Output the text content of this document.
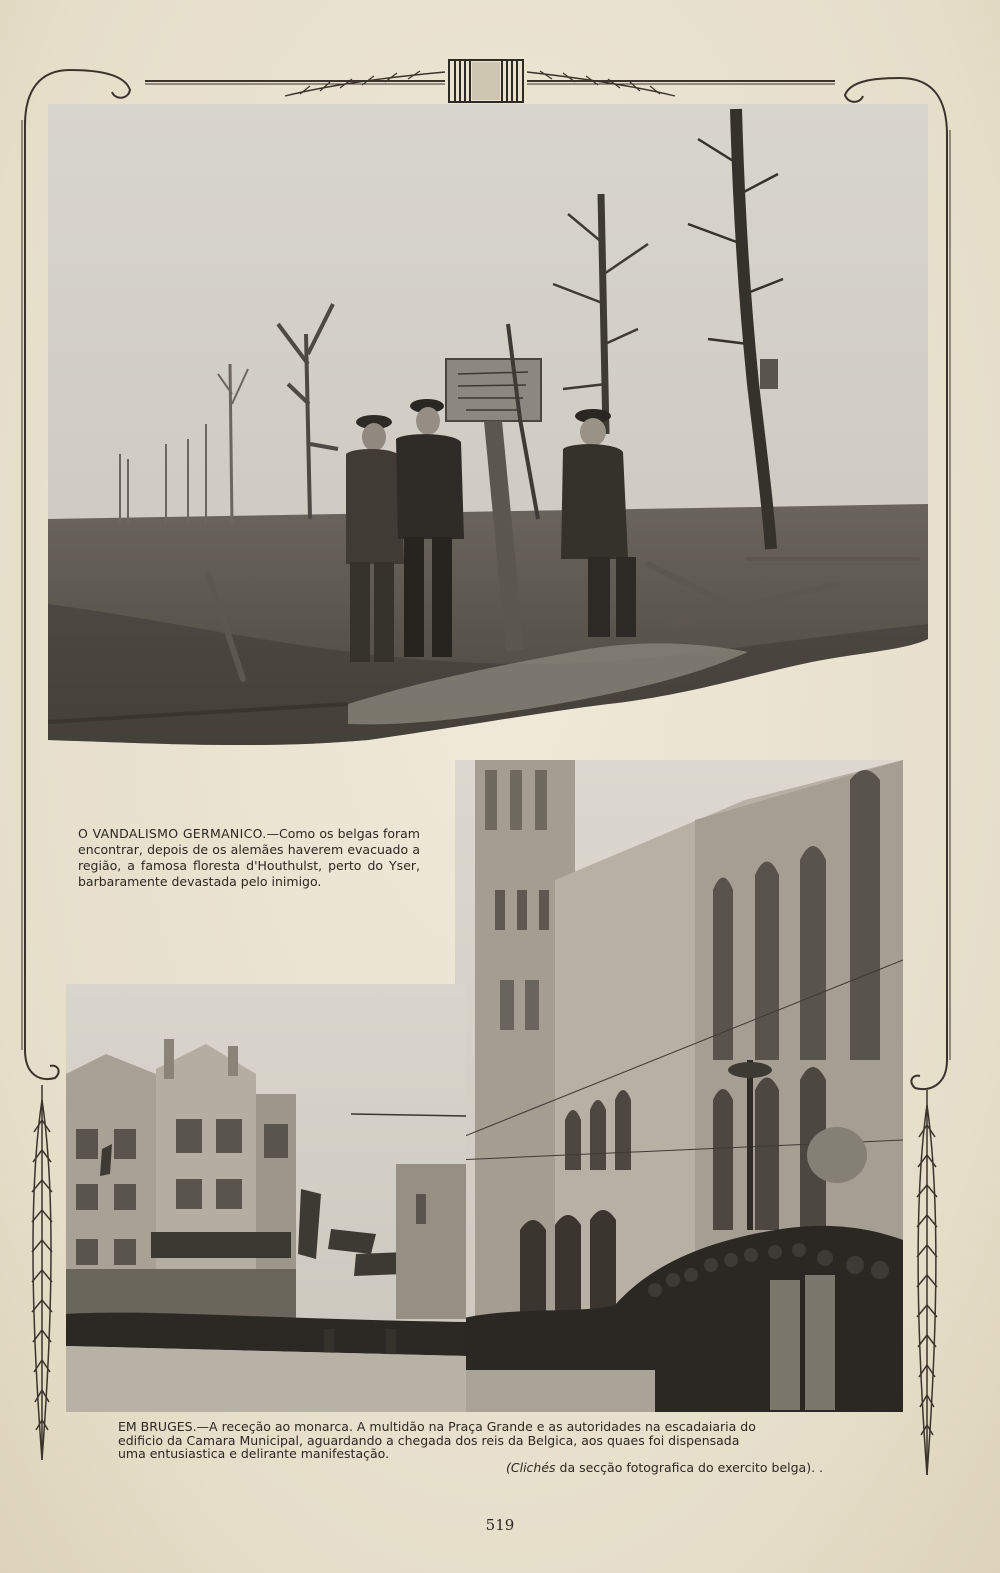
O VANDALISMO GERMANICO.—Como os belgas foram encontrar, depois de os alemães haverem evacuado a região, a famosa floresta d'Houthulst, perto do Yser, barbaramente devastada pelo inimigo.

EM BRUGES.—A receção ao monarca. A multidão na Praça Grande e as autoridades na escadaiaria do
edificio da Camara Municipal, aguardando a chegada dos reis da Belgica, aos quaes foi dispensada
uma entusiastica e delirante manifestação.
(Clichés da secção fotografica do exercito belga). .

519
